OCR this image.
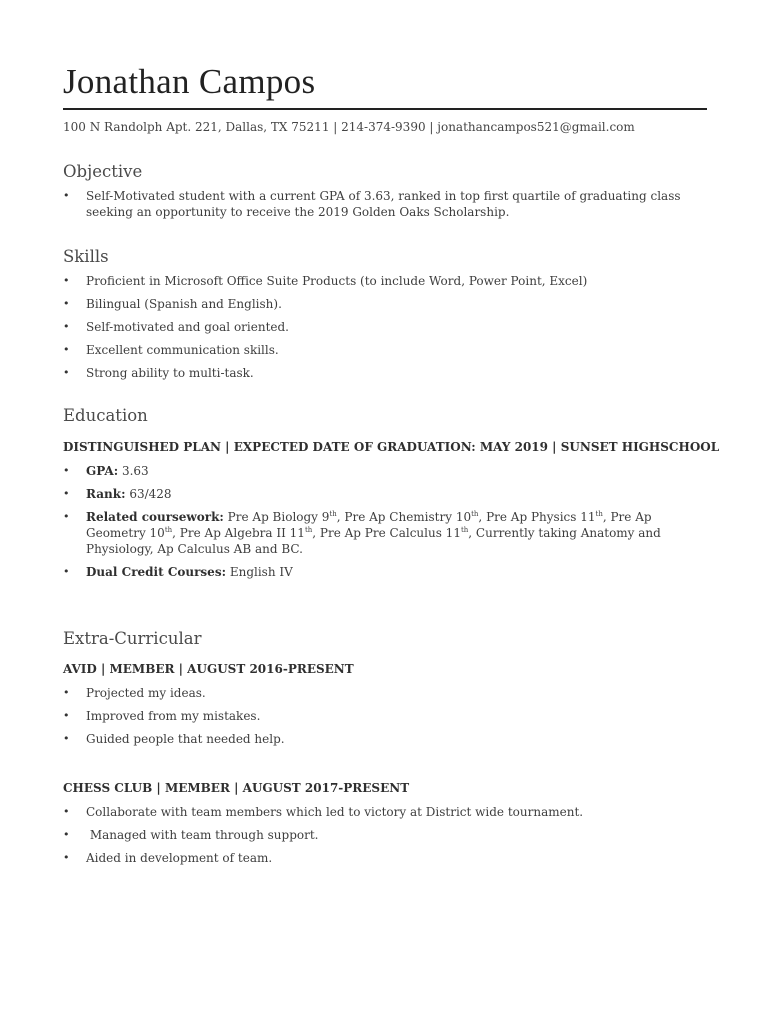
Jonathan Campos
100 N Randolph Apt. 221, Dallas, TX 75211 | 214-374-9390 | jonathancampos521@gmail.com
Objective
• Self-Motivated student with a current GPA of 3.63, ranked in top first quartile of graduating class seeking an opportunity to receive the 2019 Golden Oaks Scholarship.
Skills
• Proficient in Microsoft Office Suite Products (to include Word, Power Point, Excel)
• Bilingual (Spanish and English).
• Self-motivated and goal oriented.
• Excellent communication skills.
• Strong ability to multi-task.
Education
DISTINGUISHED PLAN | EXPECTED DATE OF GRADUATION: MAY 2019 | SUNSET HIGHSCHOOL
• GPA: 3.63
• Rank: 63/428
• Related coursework: Pre Ap Biology 9th, Pre Ap Chemistry 10th, Pre Ap Physics 11th, Pre Ap Geometry 10th, Pre Ap Algebra II 11th, Pre Ap Pre Calculus 11th, Currently taking Anatomy and Physiology, Ap Calculus AB and BC.
• Dual Credit Courses: English IV
Extra-Curricular
AVID | MEMBER | AUGUST 2016-PRESENT
• Projected my ideas.
• Improved from my mistakes.
• Guided people that needed help.
CHESS CLUB | MEMBER | AUGUST 2017-PRESENT
• Collaborate with team members which led to victory at District wide tournament.
•  Managed with team through support.
• Aided in development of team.
